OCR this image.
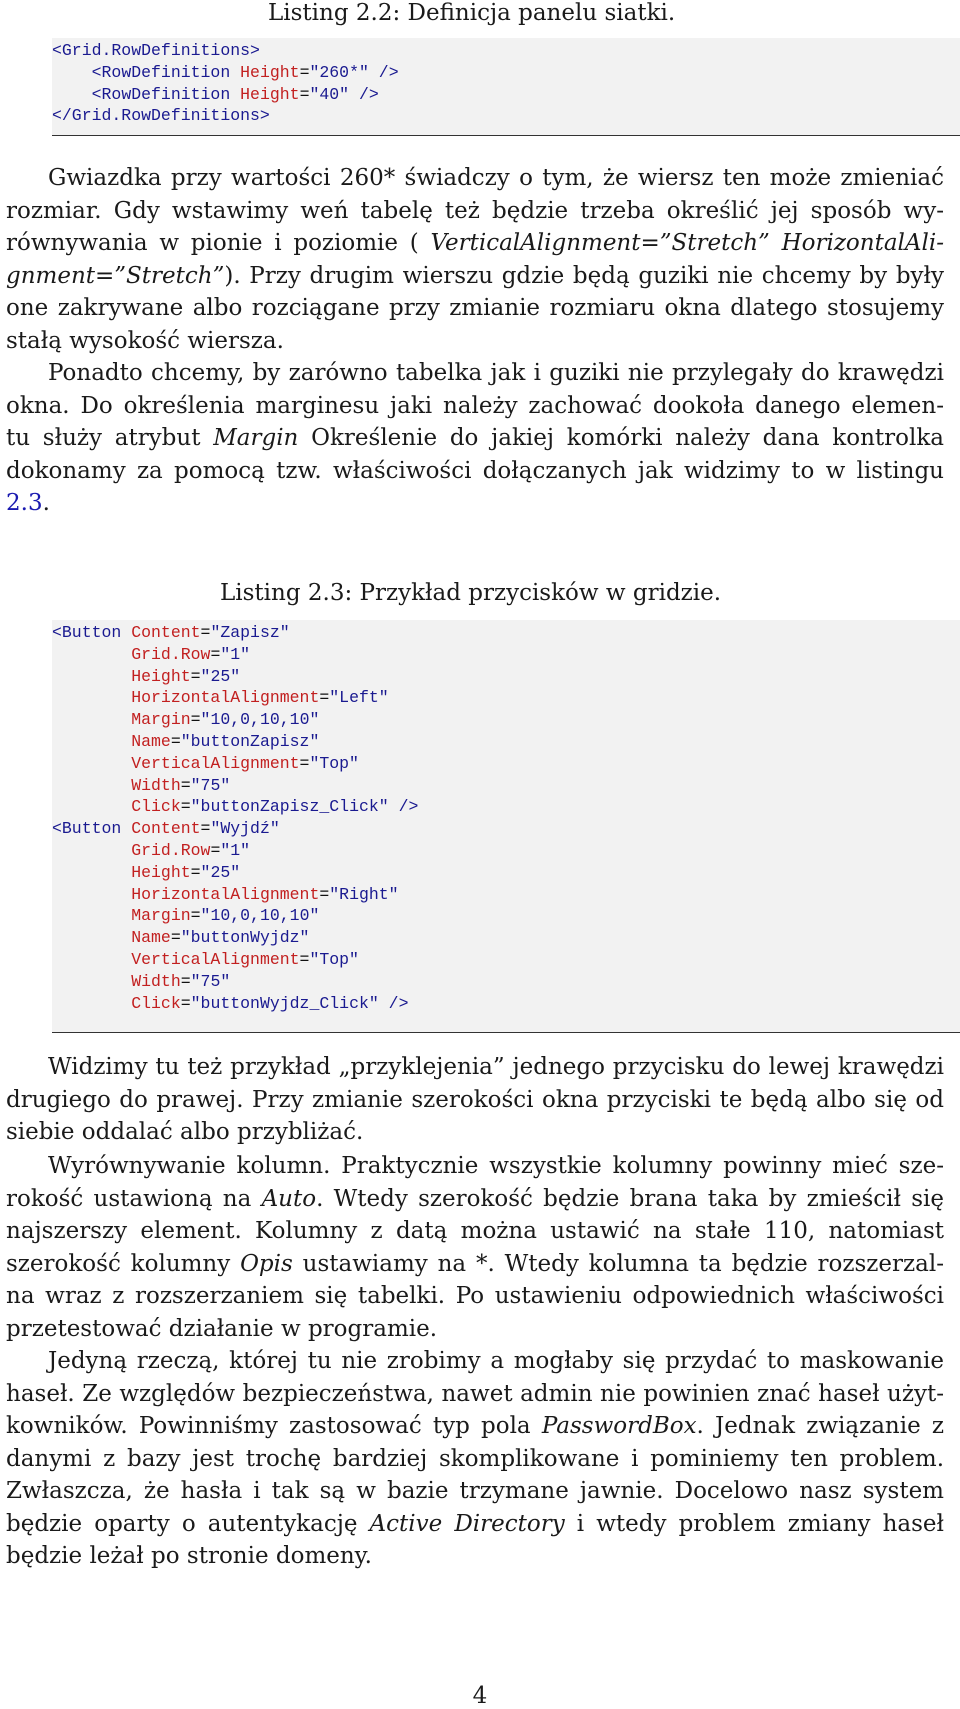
Listing 2.2: Definicja panelu siatki.
<Grid.RowDefinitions>
<RowDefinition Height="260*" />
<RowDefinition Height="40" />
</Grid.RowDefinitions>
Gwiazdka przy wartości 260* świadczy o tym, że wiersz ten może zmieniać
rozmiar. Gdy wstawimy weń tabelę też będzie trzeba określić jej sposób wy-
równywania w pionie i poziomie ( VerticalAlignment=”Stretch” HorizontalAli-
gnment=”Stretch”). Przy drugim wierszu gdzie będą guziki nie chcemy by były
one zakrywane albo rozciągane przy zmianie rozmiaru okna dlatego stosujemy
stałą wysokość wiersza.
Ponadto chcemy, by zarówno tabelka jak i guziki nie przylegały do krawędzi
okna. Do określenia marginesu jaki należy zachować dookoła danego elemen-
tu służy atrybut Margin Określenie do jakiej komórki należy dana kontrolka
dokonamy za pomocą tzw. właściwości dołączanych jak widzimy to w listingu
2.3.
Listing 2.3: Przykład przycisków w gridzie.
<Button Content="Zapisz"
Grid.Row="1"
Height="25"
HorizontalAlignment="Left"
Margin="10,0,10,10"
Name="buttonZapisz"
VerticalAlignment="Top"
Width="75"
Click="buttonZapisz_Click" />
<Button Content="Wyjdź"
Grid.Row="1"
Height="25"
HorizontalAlignment="Right"
Margin="10,0,10,10"
Name="buttonWyjdz"
VerticalAlignment="Top"
Width="75"
Click="buttonWyjdz_Click" />
Widzimy tu też przykład „przyklejenia” jednego przycisku do lewej krawędzi
drugiego do prawej. Przy zmianie szerokości okna przyciski te będą albo się od
siebie oddalać albo przybliżać.
Wyrównywanie kolumn. Praktycznie wszystkie kolumny powinny mieć sze-
rokość ustawioną na Auto. Wtedy szerokość będzie brana taka by zmieścił się
najszerszy element. Kolumny z datą można ustawić na stałe 110, natomiast
szerokość kolumny Opis ustawiamy na *. Wtedy kolumna ta będzie rozszerzal-
na wraz z rozszerzaniem się tabelki. Po ustawieniu odpowiednich właściwości
przetestować działanie w programie.
Jedyną rzeczą, której tu nie zrobimy a mogłaby się przydać to maskowanie
haseł. Ze względów bezpieczeństwa, nawet admin nie powinien znać haseł użyt-
kowników. Powinniśmy zastosować typ pola PasswordBox. Jednak związanie z
danymi z bazy jest trochę bardziej skomplikowane i pominiemy ten problem.
Zwłaszcza, że hasła i tak są w bazie trzymane jawnie. Docelowo nasz system
będzie oparty o autentykację Active Directory i wtedy problem zmiany haseł
będzie leżał po stronie domeny.
4
